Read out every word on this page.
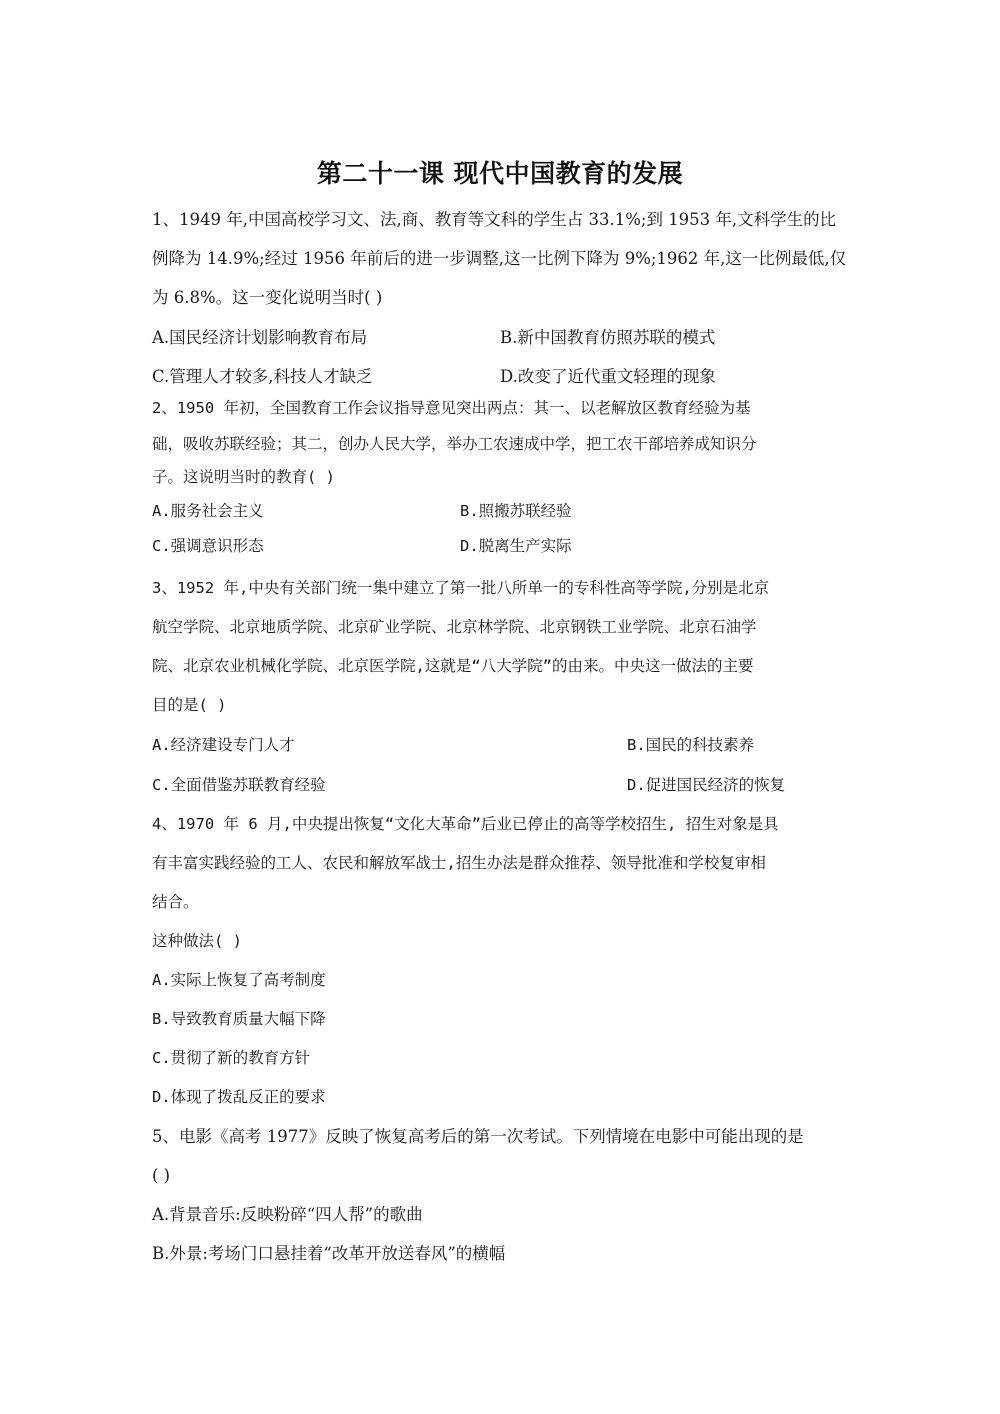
第二十一课 现代中国教育的发展
1、1949 年,中国高校学习文、法,商、教育等文科的学生占 33.1%;到 1953 年,文科学生的比
例降为 14.9%;经过 1956 年前后的进一步调整,这一比例下降为 9%;1962 年,这一比例最低,仅
为 6.8%。这一变化说明当时( )
A.国民经济计划影响教育布局	B.新中国教育仿照苏联的模式
C.管理人才较多,科技人才缺乏	D.改变了近代重文轻理的现象
2、1950 年初，全国教育工作会议指导意见突出两点：其一、以老解放区教育经验为基
础，吸收苏联经验；其二，创办人民大学，举办工农速成中学，把工农干部培养成知识分
子。这说明当时的教育( )
A.服务社会主义	B.照搬苏联经验
C.强调意识形态	D.脱离生产实际
3、1952 年,中央有关部门统一集中建立了第一批八所单一的专科性高等学院,分别是北京
航空学院、北京地质学院、北京矿业学院、北京林学院、北京钢铁工业学院、北京石油学
院、北京农业机械化学院、北京医学院,这就是“八大学院”的由来。中央这一做法的主要
目的是( )
A.经济建设专门人才	B.国民的科技素养
C.全面借鉴苏联教育经验	D.促进国民经济的恢复
4、1970 年 6 月,中央提出恢复“文化大革命”后业已停止的高等学校招生, 招生对象是具
有丰富实践经验的工人、农民和解放军战士,招生办法是群众推荐、领导批准和学校复审相
结合。
这种做法( )
A.实际上恢复了高考制度
B.导致教育质量大幅下降
C.贯彻了新的教育方针
D.体现了拨乱反正的要求
5、电影《高考 1977》反映了恢复高考后的第一次考试。下列情境在电影中可能出现的是
( )
A.背景音乐:反映粉碎“四人帮”的歌曲
B.外景:考场门口悬挂着“改革开放送春风”的横幅
